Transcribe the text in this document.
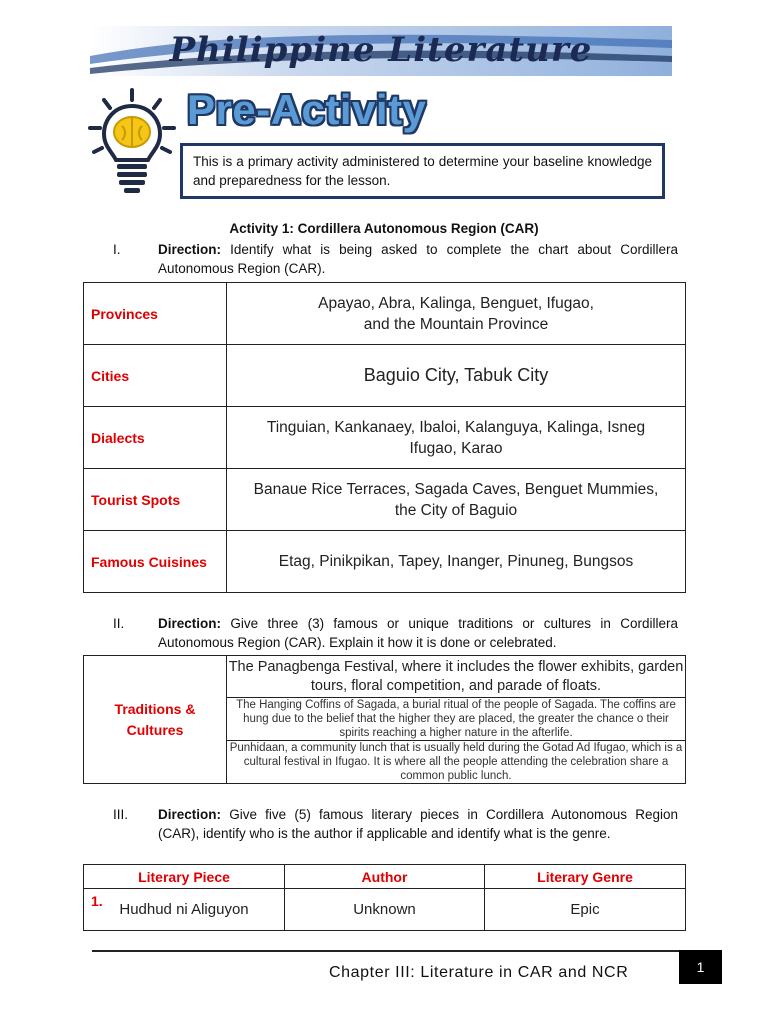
Philippine Literature
Pre-Activity
This is a primary activity administered to determine your baseline knowledge and preparedness for the lesson.
Activity 1: Cordillera Autonomous Region (CAR)
I.	Direction: Identify what is being asked to complete the chart about Cordillera Autonomous Region (CAR).
Provinces	Apayao, Abra, Kalinga, Benguet, Ifugao,
and the Mountain Province
Cities	Baguio City, Tabuk City
Dialects	Tinguian, Kankanaey, Ibaloi, Kalanguya, Kalinga, Isneg
Ifugao, Karao
Tourist Spots	Banaue Rice Terraces, Sagada Caves, Benguet Mummies,
the City of Baguio
Famous Cuisines	Etag, Pinikpikan, Tapey, Inanger, Pinuneg, Bungsos
II. Direction: Give three (3) famous or unique traditions or cultures in Cordillera Autonomous Region (CAR). Explain it how it is done or celebrated.
Traditions & Cultures
	The Panagbenga Festival, where it includes the flower exhibits, garden tours, floral competition, and parade of floats.
The Hanging Coffins of Sagada, a burial ritual of the people of Sagada. The coffins are hung due to the belief that the higher they are placed, the greater the chance o their spirits reaching a higher nature in the afterlife.
Punhidaan, a community lunch that is usually held during the Gotad Ad Ifugao, which is a cultural festival in Ifugao. It is where all the people attending the celebration share a common public lunch.
III. Direction: Give five (5) famous literary pieces in Cordillera Autonomous Region (CAR), identify who is the author if applicable and identify what is the genre.
Literary Piece	Author	Literary Genre

1. Hudhud ni Aliguyon	Unknown	Epic
Chapter III: Literature in CAR and NCR	1
